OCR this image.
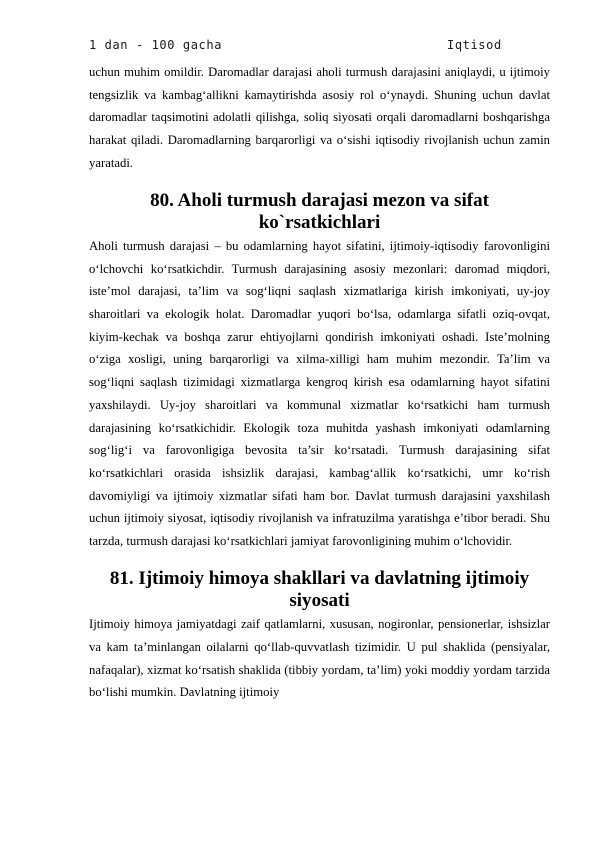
1 dan - 100 gacha	Iqtisod

uchun muhim omildir. Daromadlar darajasi aholi turmush darajasini aniqlaydi, u ijtimoiy tengsizlik va kambag‘allikni kamaytirishda asosiy rol o‘ynaydi. Shuning uchun davlat daromadlar taqsimotini adolatli qilishga, soliq siyosati orqali daromadlarni boshqarishga harakat qiladi. Daromadlarning barqarorligi va o‘sishi iqtisodiy rivojlanish uchun zamin yaratadi.

80. Aholi turmush darajasi mezon va sifat ko`rsatkichlari

Aholi turmush darajasi – bu odamlarning hayot sifatini, ijtimoiy-iqtisodiy farovonligini o‘lchovchi ko‘rsatkichdir. Turmush darajasining asosiy mezonlari: daromad miqdori, iste’mol darajasi, ta’lim va sog‘liqni saqlash xizmatlariga kirish imkoniyati, uy-joy sharoitlari va ekologik holat. Daromadlar yuqori bo‘lsa, odamlarga sifatli oziq-ovqat, kiyim-kechak va boshqa zarur ehtiyojlarni qondirish imkoniyati oshadi. Iste’molning o‘ziga xosligi, uning barqarorligi va xilma-xilligi ham muhim mezondir. Ta’lim va sog‘liqni saqlash tizimidagi xizmatlarga kengroq kirish esa odamlarning hayot sifatini yaxshilaydi. Uy-joy sharoitlari va kommunal xizmatlar ko‘rsatkichi ham turmush darajasining ko‘rsatkichidir. Ekologik toza muhitda yashash imkoniyati odamlarning sog‘lig‘i va farovonligiga bevosita ta’sir ko‘rsatadi. Turmush darajasining sifat ko‘rsatkichlari orasida ishsizlik darajasi, kambag‘allik ko‘rsatkichi, umr ko‘rish davomiyligi va ijtimoiy xizmatlar sifati ham bor. Davlat turmush darajasini yaxshilash uchun ijtimoiy siyosat, iqtisodiy rivojlanish va infratuzilma yaratishga e’tibor beradi. Shu tarzda, turmush darajasi ko‘rsatkichlari jamiyat farovonligining muhim o‘lchovidir.

81. Ijtimoiy himoya shakllari va davlatning ijtimoiy siyosati

Ijtimoiy himoya jamiyatdagi zaif qatlamlarni, xususan, nogironlar, pensionerlar, ishsizlar va kam ta’minlangan oilalarni qo‘llab-quvvatlash tizimidir. U pul shaklida (pensiyalar, nafaqalar), xizmat ko‘rsatish shaklida (tibbiy yordam, ta’lim) yoki moddiy yordam tarzida bo‘lishi mumkin. Davlatning ijtimoiy
